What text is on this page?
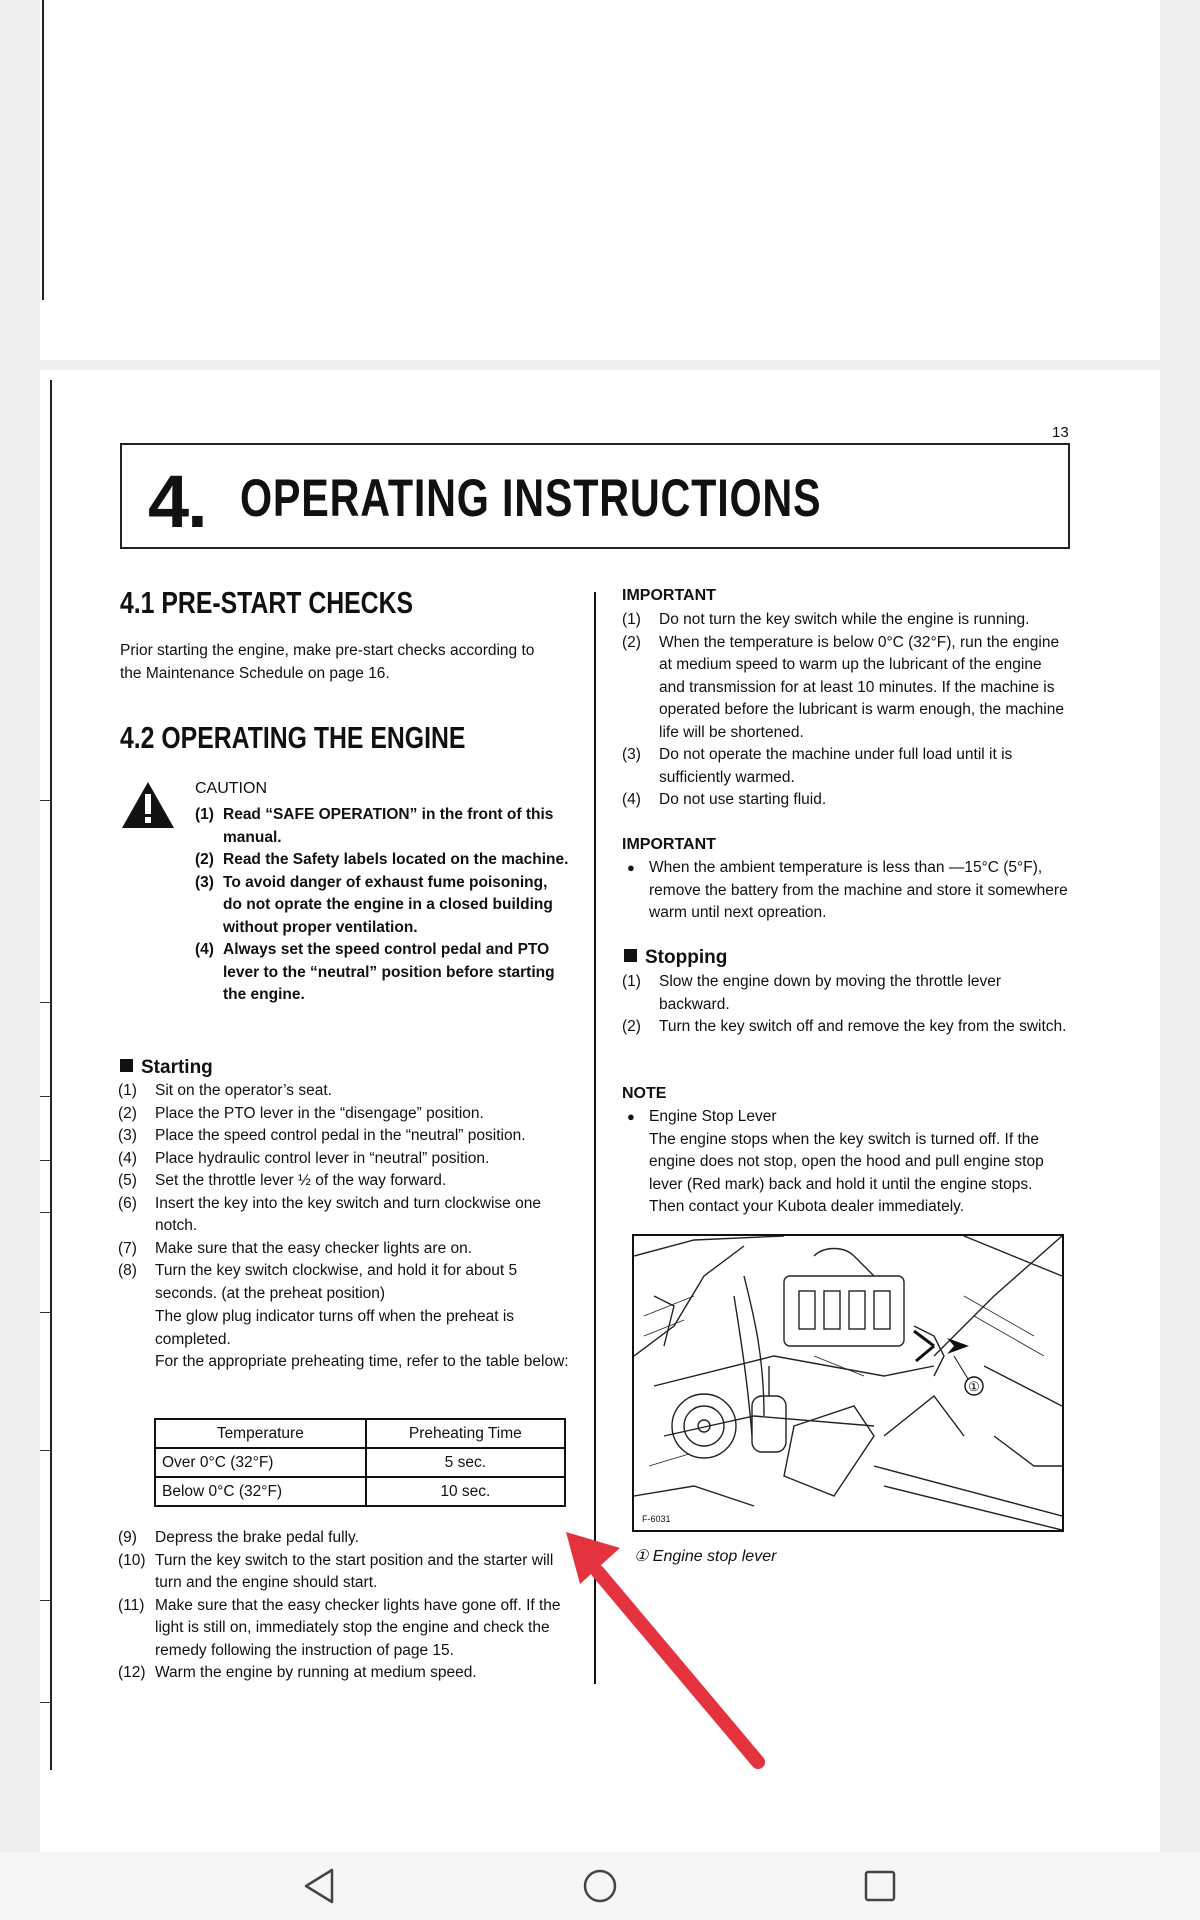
13
4. OPERATING INSTRUCTIONS
4.1 PRE-START CHECKS
Prior starting the engine, make pre-start checks according to
the Maintenance Schedule on page 16.
4.2 OPERATING THE ENGINE
CAUTION
(1) Read “SAFE OPERATION” in the front of this manual.
(2) Read the Safety labels located on the machine.
(3) To avoid danger of exhaust fume poisoning, do not oprate the engine in a closed building without proper ventilation.
(4) Always set the speed control pedal and PTO lever to the “neutral” position before starting the engine.
Starting
(1) Sit on the operator’s seat.
(2) Place the PTO lever in the “disengage” position.
(3) Place the speed control pedal in the “neutral” position.
(4) Place hydraulic control lever in “neutral” position.
(5) Set the throttle lever ½ of the way forward.
(6) Insert the key into the key switch and turn clockwise one notch.
(7) Make sure that the easy checker lights are on.
(8) Turn the key switch clockwise, and hold it for about 5 seconds. (at the preheat position)
The glow plug indicator turns off when the preheat is completed.
For the appropriate preheating time, refer to the table below:
Temperature	Preheating Time
Over 0°C (32°F)	5 sec.
Below 0°C (32°F)	10 sec.
(9) Depress the brake pedal fully.
(10) Turn the key switch to the start position and the starter will turn and the engine should start.
(11) Make sure that the easy checker lights have gone off. If the light is still on, immediately stop the engine and check the remedy following the instruction of page 15.
(12) Warm the engine by running at medium speed.
IMPORTANT
(1) Do not turn the key switch while the engine is running.
(2) When the temperature is below 0°C (32°F), run the engine at medium speed to warm up the lubricant of the engine and transmission for at least 10 minutes. If the machine is operated before the lubricant is warm enough, the machine life will be shortened.
(3) Do not operate the machine under full load until it is sufficiently warmed.
(4) Do not use starting fluid.
IMPORTANT
● When the ambient temperature is less than —15°C (5°F), remove the battery from the machine and store it somewhere warm until next opreation.
Stopping
(1) Slow the engine down by moving the throttle lever backward.
(2) Turn the key switch off and remove the key from the switch.
NOTE
● Engine Stop Lever
The engine stops when the key switch is turned off. If the engine does not stop, open the hood and pull engine stop lever (Red mark) back and hold it until the engine stops. Then contact your Kubota dealer immediately.
①
F-6031
① Engine stop lever
